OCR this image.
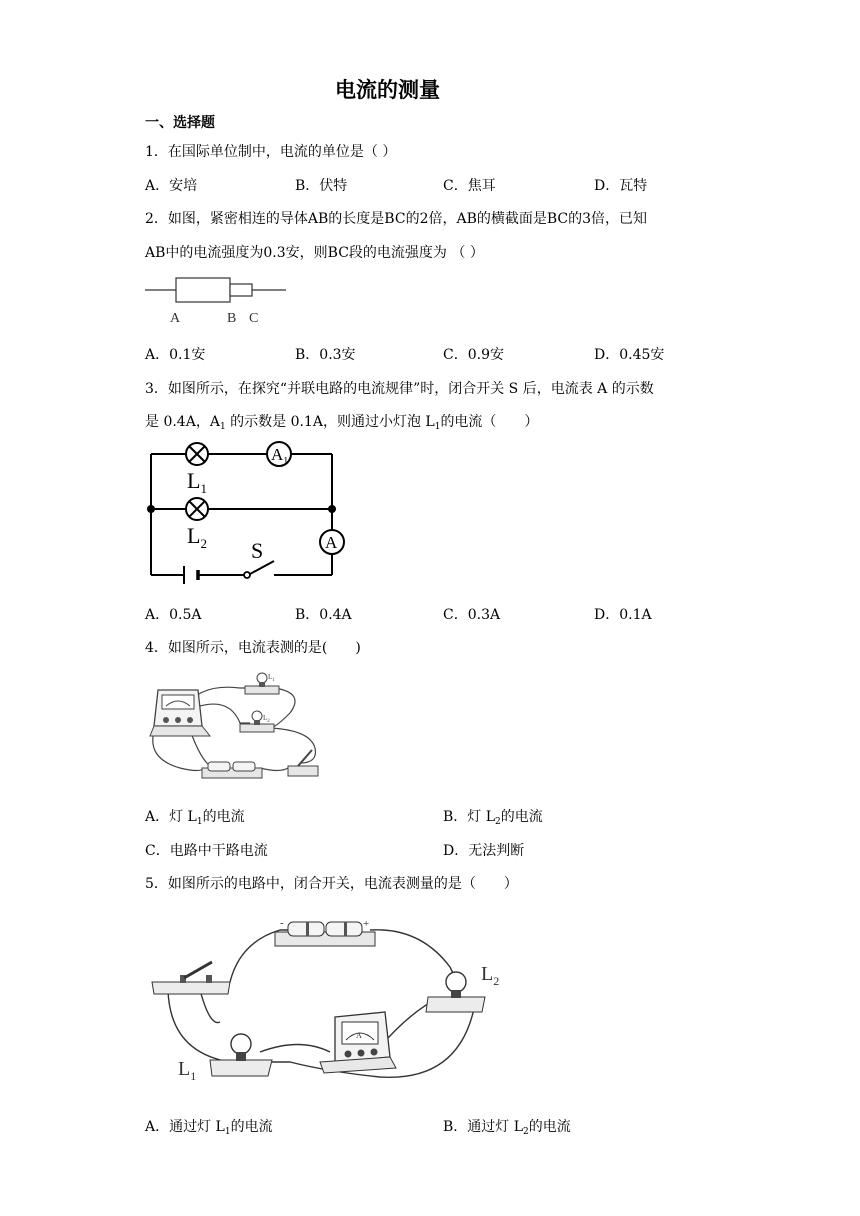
电流的测量
一、选择题
1．在国际单位制中，电流的单位是（ ）
A．安培	B．伏特	C．焦耳	D．瓦特
2．如图，紧密相连的导体AB的长度是BC的2倍，AB的横截面是BC的3倍，已知
AB中的电流强度为0.3安，则BC段的电流强度为 （ ）
A	B C
A．0.1安	B．0.3安	C．0.9安	D．0.45安
3．如图所示，在探究“并联电路的电流规律”时，闭合开关 S 后，电流表 A 的示数
是 0.4A，$A_1$ 的示数是 0.1A，则通过小灯泡 $L_1$的电流（　　）
$A_1$
A
$L_1$
$L_2$ S
A．0.5A	B．0.4A	C．0.3A	D．0.1A
4．如图所示，电流表测的是(　　)
$L_1$
$L_2$
A．灯 $L_1$的电流	B．灯 $L_2$的电流
C．电路中干路电流	D．无法判断
5．如图所示的电路中，闭合开关，电流表测量的是（　　）
-	+
$L_2$
$L_1$
A
A．通过灯 $L_1$的电流	B．通过灯 $L_2$的电流
